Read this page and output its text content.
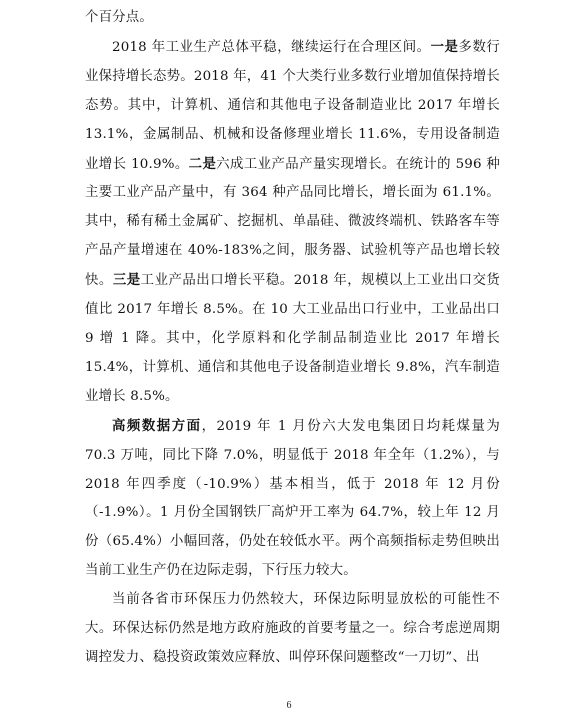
个百分点。

2018 年工业生产总体平稳，继续运行在合理区间。一是多数行业保持增长态势。2018 年，41 个大类行业多数行业增加值保持增长态势。其中，计算机、通信和其他电子设备制造业比 2017 年增长 13.1%，金属制品、机械和设备修理业增长 11.6%，专用设备制造业增长 10.9%。二是六成工业产品产量实现增长。在统计的 596 种主要工业产品产量中，有 364 种产品同比增长，增长面为 61.1%。其中，稀有稀土金属矿、挖掘机、单晶硅、微波终端机、铁路客车等产品产量增速在 40%-183%之间，服务器、试验机等产品也增长较快。三是工业产品出口增长平稳。2018 年，规模以上工业出口交货值比 2017 年增长 8.5%。在 10 大工业品出口行业中，工业品出口 9 增 1 降。其中，化学原料和化学制品制造业比 2017 年增长 15.4%，计算机、通信和其他电子设备制造业增长 9.8%，汽车制造业增长 8.5%。

高频数据方面，2019 年 1 月份六大发电集团日均耗煤量为 70.3 万吨，同比下降 7.0%，明显低于 2018 年全年（1.2%），与 2018 年四季度（-10.9%）基本相当，低于 2018 年 12 月份（-1.9%）。1 月份全国钢铁厂高炉开工率为 64.7%，较上年 12 月份（65.4%）小幅回落，仍处在较低水平。两个高频指标走势但映出当前工业生产仍在边际走弱，下行压力较大。

当前各省市环保压力仍然较大，环保边际明显放松的可能性不大。环保达标仍然是地方政府施政的首要考量之一。综合考虑逆周期调控发力、稳投资政策效应释放、叫停环保问题整改“一刀切”、出

6
